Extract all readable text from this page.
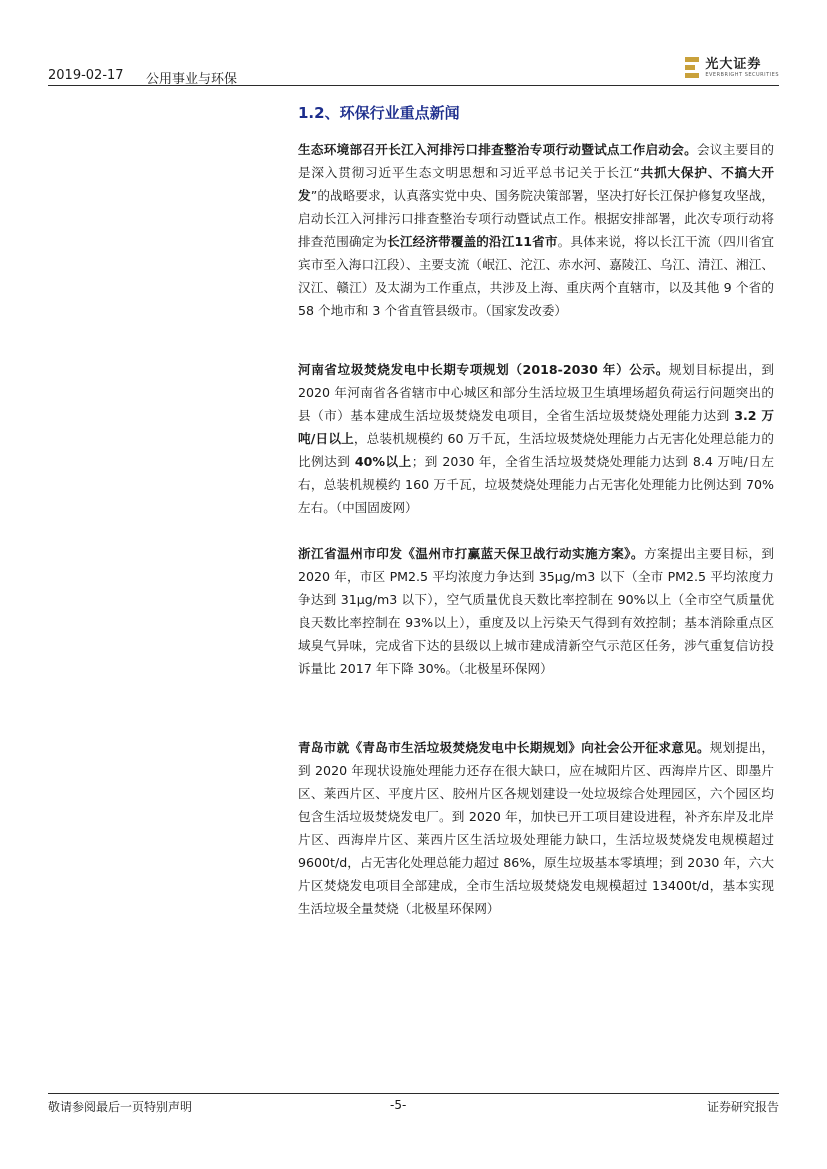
2019-02-17 公用事业与环保
光大证券
EVERBRIGHT SECURITIES
1.2、环保行业重点新闻
生态环境部召开长江入河排污口排查整治专项行动暨试点工作启动会。会议主要目的是深入贯彻习近平生态文明思想和习近平总书记关于长江“共抓大保护、不搞大开发”的战略要求，认真落实党中央、国务院决策部署，坚决打好长江保护修复攻坚战，启动长江入河排污口排查整治专项行动暨试点工作。根据安排部署，此次专项行动将排查范围确定为长江经济带覆盖的沿江11省市。具体来说，将以长江干流（四川省宜宾市至入海口江段）、主要支流（岷江、沱江、赤水河、嘉陵江、乌江、清江、湘江、汉江、赣江）及太湖为工作重点，共涉及上海、重庆两个直辖市，以及其他 9 个省的 58 个地市和 3 个省直管县级市。（国家发改委）
河南省垃圾焚烧发电中长期专项规划（2018-2030 年）公示。规划目标提出，到 2020 年河南省各省辖市中心城区和部分生活垃圾卫生填埋场超负荷运行问题突出的县（市）基本建成生活垃圾焚烧发电项目，全省生活垃圾焚烧处理能力达到 3.2 万吨/日以上，总装机规模约 60 万千瓦，生活垃圾焚烧处理能力占无害化处理总能力的比例达到 40%以上；到 2030 年，全省生活垃圾焚烧处理能力达到 8.4 万吨/日左右，总装机规模约 160 万千瓦，垃圾焚烧处理能力占无害化处理能力比例达到 70%左右。（中国固废网）
浙江省温州市印发《温州市打赢蓝天保卫战行动实施方案》。方案提出主要目标，到 2020 年，市区 PM2.5 平均浓度力争达到 35μg/m3 以下（全市 PM2.5 平均浓度力争达到 31μg/m3 以下），空气质量优良天数比率控制在 90%以上（全市空气质量优良天数比率控制在 93%以上），重度及以上污染天气得到有效控制；基本消除重点区域臭气异味，完成省下达的县级以上城市建成清新空气示范区任务，涉气重复信访投诉量比 2017 年下降 30%。（北极星环保网）
青岛市就《青岛市生活垃圾焚烧发电中长期规划》向社会公开征求意见。规划提出，到 2020 年现状设施处理能力还存在很大缺口，应在城阳片区、西海岸片区、即墨片区、莱西片区、平度片区、胶州片区各规划建设一处垃圾综合处理园区，六个园区均包含生活垃圾焚烧发电厂。到 2020 年，加快已开工项目建设进程，补齐东岸及北岸片区、西海岸片区、莱西片区生活垃圾处理能力缺口，生活垃圾焚烧发电规模超过 9600t/d，占无害化处理总能力超过 86%，原生垃圾基本零填埋；到 2030 年，六大片区焚烧发电项目全部建成，全市生活垃圾焚烧发电规模超过 13400t/d，基本实现生活垃圾全量焚烧（北极星环保网）
敬请参阅最后一页特别声明	-5-	证券研究报告
